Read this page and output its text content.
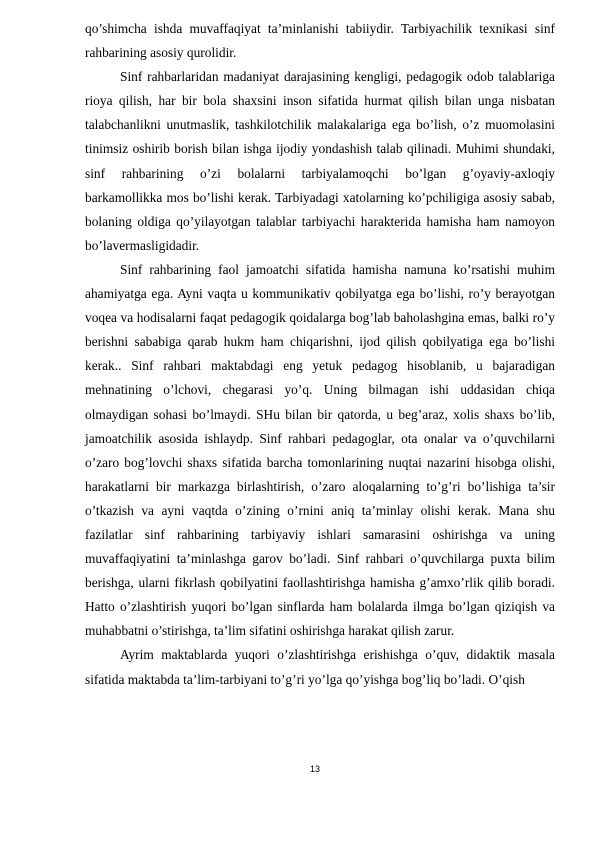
qo’shimcha ishda muvaffaqiyat ta’minlanishi tabiiydir. Tarbiyachilik texnikasi sinf rahbarining asosiy qurolidir.

Sinf rahbarlaridan madaniyat darajasining kengligi, pedagogik odob talablariga rioya qilish, har bir bola shaxsini inson sifatida hurmat qilish bilan unga nisbatan talabchanlikni unutmaslik, tashkilotchilik malakalariga ega bo’lish, o’z muomolasini tinimsiz oshirib borish bilan ishga ijodiy yondashish talab qilinadi. Muhimi shundaki, sinf rahbarining o’zi bolalarni tarbiyalamoqchi bo’lgan g’oyaviy-axloqiy barkamollikka mos bo’lishi kerak. Tarbiyadagi xatolarning ko’pchiligiga asosiy sabab, bolaning oldiga qo’yilayotgan talablar tarbiyachi harakterida hamisha ham namoyon bo’lavermasligidadir.

Sinf rahbarining faol jamoatchi sifatida hamisha namuna ko’rsatishi muhim ahamiyatga ega. Ayni vaqta u kommunikativ qobilyatga ega bo’lishi, ro’y berayotgan voqea va hodisalarni faqat pedagogik qoidalarga bog’lab baholashgina emas, balki ro’y berishni sababiga qarab hukm ham chiqarishni, ijod qilish qobilyatiga ega bo’lishi kerak.. Sinf rahbari maktabdagi eng yetuk pedagog hisoblanib, u bajaradigan mehnatining o’lchovi, chegarasi yo’q. Uning bilmagan ishi uddasidan chiqa olmaydigan sohasi bo’lmaydi. SHu bilan bir qatorda, u beg’araz, xolis shaxs bo’lib, jamoatchilik asosida ishlaydp. Sinf rahbari pedagoglar, ota onalar va o’quvchilarni o’zaro bog’lovchi shaxs sifatida barcha tomonlarining nuqtai nazarini hisobga olishi, harakatlarni bir markazga birlashtirish, o’zaro aloqalarning to’g’ri bo’lishiga ta’sir o’tkazish va ayni vaqtda o’zining o’rnini aniq ta’minlay olishi kerak. Mana shu fazilatlar sinf rahbarining tarbiyaviy ishlari samarasini oshirishga va uning muvaffaqiyatini ta’minlashga garov bo’ladi. Sinf rahbari o’quvchilarga puxta bilim berishga, ularni fikrlash qobilyatini faollashtirishga hamisha g’amxo’rlik qilib boradi. Hatto o’zlashtirish yuqori bo’lgan sinflarda ham bolalarda ilmga bo’lgan qiziqish va muhabbatni o’stirishga, ta’lim sifatini oshirishga harakat qilish zarur.

Ayrim maktablarda yuqori o’zlashtirishga erishishga o’quv, didaktik masala sifatida maktabda ta’lim-tarbiyani to’g’ri yo’lga qo’yishga bog’liq bo’ladi. O’qish

13
